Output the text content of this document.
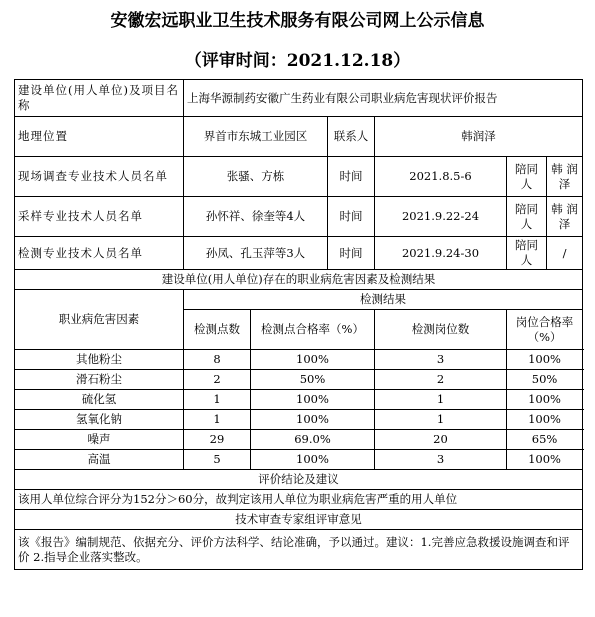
安徽宏远职业卫生技术服务有限公司网上公示信息
（评审时间：2021.12.18）
建设单位(用人单位)及项目名称	上海华源制药安徽广生药业有限公司职业病危害现状评价报告					
地理位置	界首市东城工业园区		联系人	韩润泽		
现场调查专业技术人员名单	张骚、方栋		时间	2021.8.5-6	陪同人	韩 润泽
采样专业技术人员名单	孙怀祥、徐奎等4人		时间	2021.9.22-24	陪同人	韩 润泽
检测专业技术人员名单	孙凤、孔玉萍等3人		时间	2021.9.24-30	陪同人	/
建设单位(用人单位)存在的职业病危害因素及检测结果						
职业病危害因素	检测结果					
	检测点数	检测点合格率（%）		检测岗位数	岗位合格率（%）	
其他粉尘	8	100%		3	100%	
滑石粉尘	2	50%		2	50%	
硫化氢	1	100%		1	100%	
氢氧化钠	1	100%		1	100%	
噪声	29	69.0%		20	65%	
高温	5	100%		3	100%	
评价结论及建议						
该用人单位综合评分为152分＞60分，故判定该用人单位为职业病危害严重的用人单位						
技术审查专家组评审意见						
该《报告》编制规范、依据充分、评价方法科学、结论准确，予以通过。建议：1.完善应急救援设施调查和评价 2.指导企业落实整改。						
